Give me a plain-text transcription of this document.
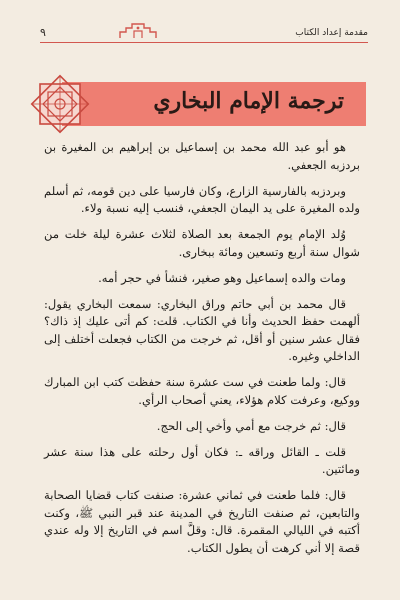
مقدمة إعداد الكتاب
٩
ترجمة الإمام البخاري

هو أبو عبد الله محمد بن إسماعيل بن إبراهيم بن المغيرة بن بردزبه الجعفي.

وبردزبه بالفارسية الزارع، وكان فارسيا على دين قومه، ثم أسلم ولده المغيرة على يد اليمان الجعفي، فنسب إليه نسبة ولاء.

وُلد الإمام يوم الجمعة بعد الصلاة لثلاث عشرة ليلة خلت من شوال سنة أربع وتسعين ومائة ببخارى.

ومات والده إسماعيل وهو صغير، فنشأ في حجر أمه.

قال محمد بن أبي حاتم وراق البخاري: سمعت البخاري يقول: ألهمت حفظ الحديث وأنا في الكتاب. قلت: كم أتى عليك إذ ذاك؟ فقال عشر سنين أو أقل، ثم خرجت من الكتاب فجعلت أختلف إلى الداخلي وغيره.

قال: ولما طعنت في ست عشرة سنة حفظت كتب ابن المبارك ووكيع، وعرفت كلام هؤلاء، يعني أصحاب الرأي.

قال: ثم خرجت مع أمي وأخي إلى الحج.

قلت ـ القائل وراقه ـ: فكان أول رحلته على هذا سنة عشر ومائتين.

قال: فلما طعنت في ثماني عشرة: صنفت كتاب قضايا الصحابة والتابعين، ثم صنفت التاريخ في المدينة عند قبر النبي ﷺ، وكنت أكتبه في الليالي المقمرة. قال: وقلَّ اسم في التاريخ إلا وله عندي قصة إلا أني كرهت أن يطول الكتاب.
